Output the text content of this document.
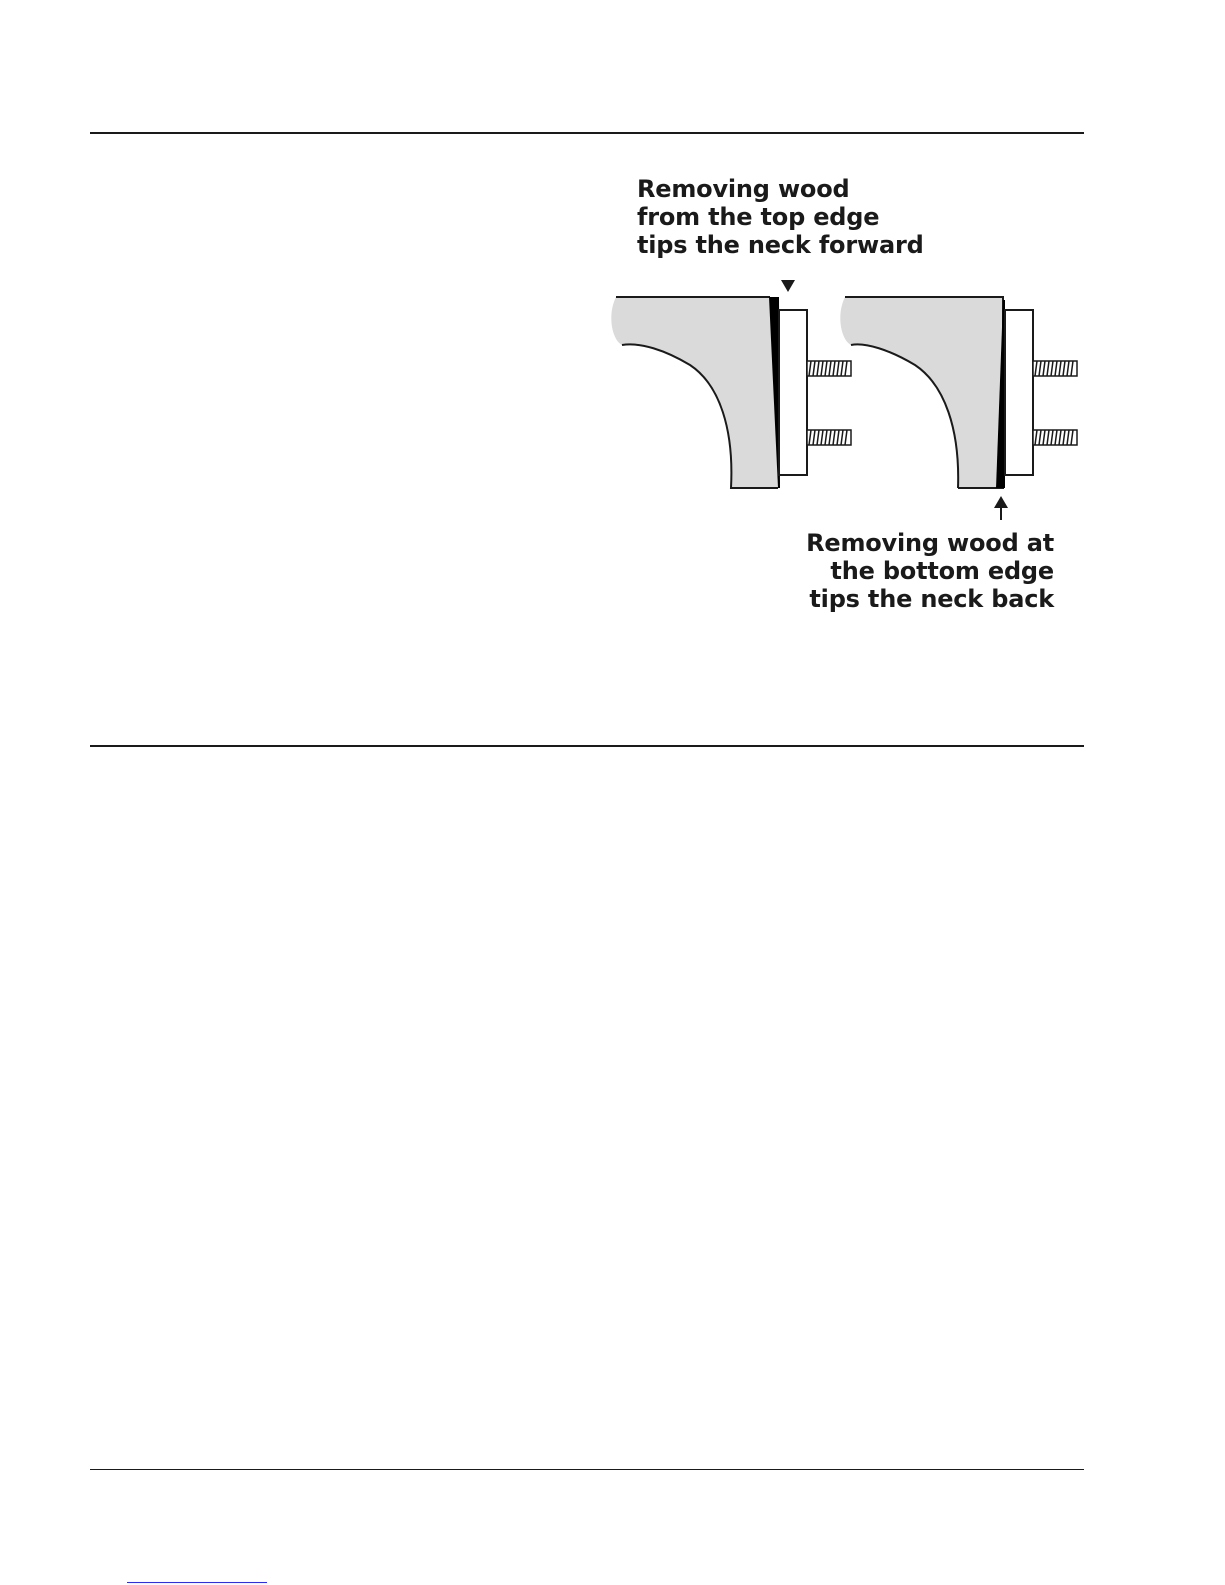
Removing wood
from the top edge
tips the neck forward
Removing wood at
the bottom edge
tips the neck back
